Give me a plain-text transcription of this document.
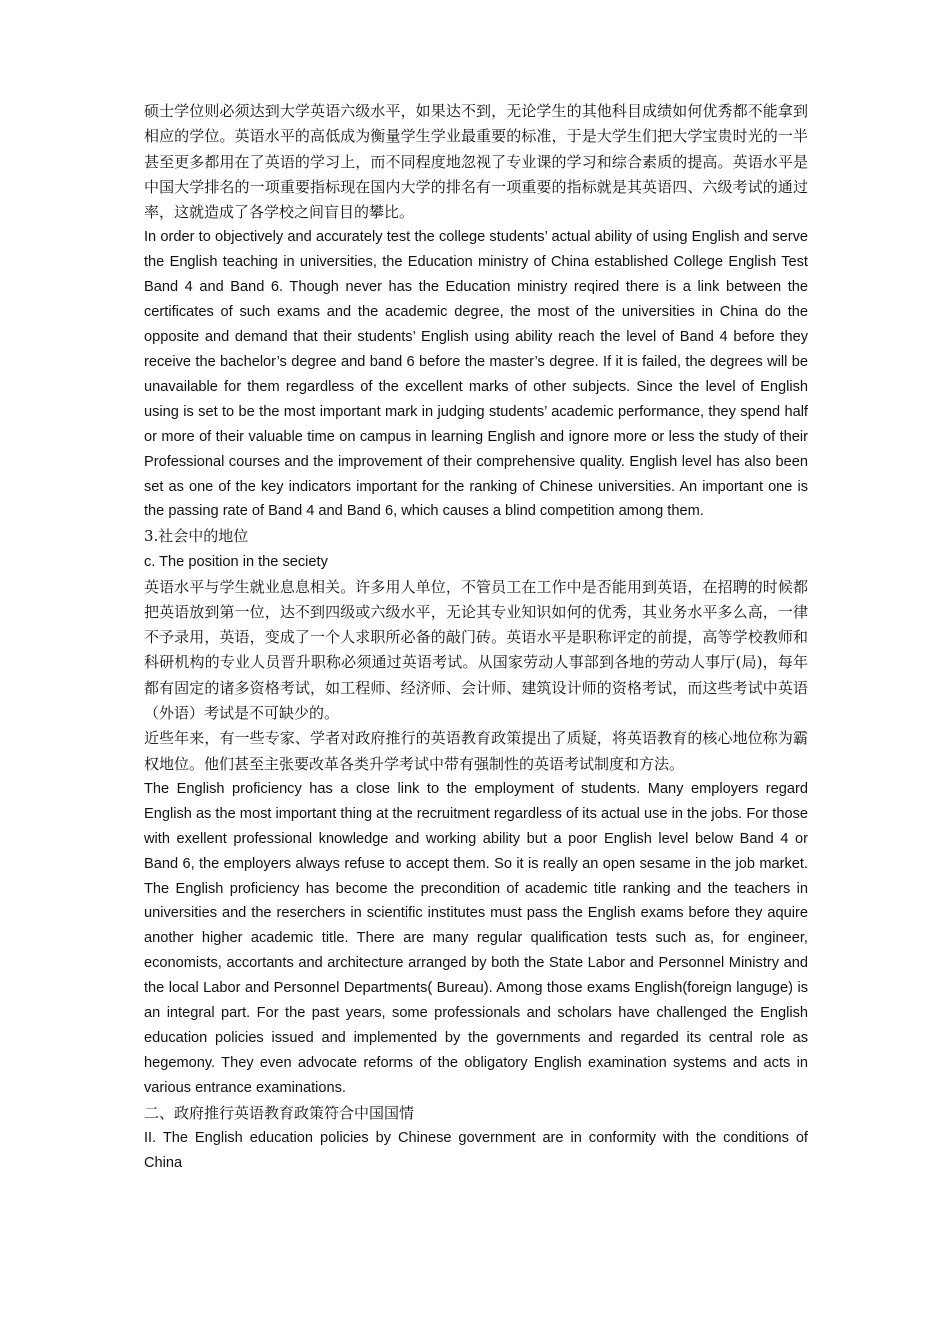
硕士学位则必须达到大学英语六级水平，如果达不到，无论学生的其他科目成绩如何优秀都不能拿到相应的学位。英语水平的高低成为衡量学生学业最重要的标准，于是大学生们把大学宝贵时光的一半甚至更多都用在了英语的学习上，而不同程度地忽视了专业课的学习和综合素质的提高。英语水平是中国大学排名的一项重要指标现在国内大学的排名有一项重要的指标就是其英语四、六级考试的通过率，这就造成了各学校之间盲目的攀比。

In order to objectively and accurately test the college students’ actual ability of using English and serve the English teaching in universities, the Education ministry of China established College English Test Band 4 and Band 6. Though never has the Education ministry reqired there is a link between the certificates of such exams and the academic degree, the most of the universities in China do the opposite and demand that their students’ English using ability reach the level of Band 4 before they receive the bachelor’s degree and band 6 before the master’s degree. If it is failed, the degrees will be unavailable for them regardless of the excellent marks of other subjects. Since the level of English using is set to be the most important mark in judging students’ academic performance, they spend half or more of their valuable time on campus in learning English and ignore more or less the study of their Professional courses and the improvement of their comprehensive quality. English level has also been set as one of the key indicators important for the ranking of Chinese universities. An important one is the passing rate of Band 4 and Band 6, which causes a blind competition among them.

3.社会中的地位

c. The position in the seciety

英语水平与学生就业息息相关。许多用人单位，不管员工在工作中是否能用到英语，在招聘的时候都把英语放到第一位，达不到四级或六级水平，无论其专业知识如何的优秀，其业务水平多么高，一律不予录用，英语，变成了一个人求职所必备的敲门砖。英语水平是职称评定的前提，高等学校教师和科研机构的专业人员晋升职称必须通过英语考试。从国家劳动人事部到各地的劳动人事厅(局)，每年都有固定的诸多资格考试，如工程师、经济师、会计师、建筑设计师的资格考试，而这些考试中英语（外语）考试是不可缺少的。

近些年来，有一些专家、学者对政府推行的英语教育政策提出了质疑，将英语教育的核心地位称为霸权地位。他们甚至主张要改革各类升学考试中带有强制性的英语考试制度和方法。

The English proficiency has a close link to the employment of students. Many employers regard English as the most important thing at the recruitment regardless of its actual use in the jobs. For those with exellent professional knowledge and working ability but a poor English level below Band 4 or Band 6, the employers always refuse to accept them. So it is really an open sesame in the job market. The English proficiency has become the precondition of academic title ranking and the teachers in universities and the reserchers in scientific institutes must pass the English exams before they aquire another higher academic title. There are many regular qualification tests such as, for engineer, economists, accortants and architecture arranged by both the State Labor and Personnel Ministry and the local Labor and Personnel Departments( Bureau). Among those exams English(foreign languge) is an integral part. For the past years, some professionals and scholars have challenged the English education policies issued and implemented by the governments and regarded its central role as hegemony. They even advocate reforms of the obligatory English examination systems and acts in various entrance examinations.

二、政府推行英语教育政策符合中国国情

II. The English education policies by Chinese government are in conformity with the conditions of China
